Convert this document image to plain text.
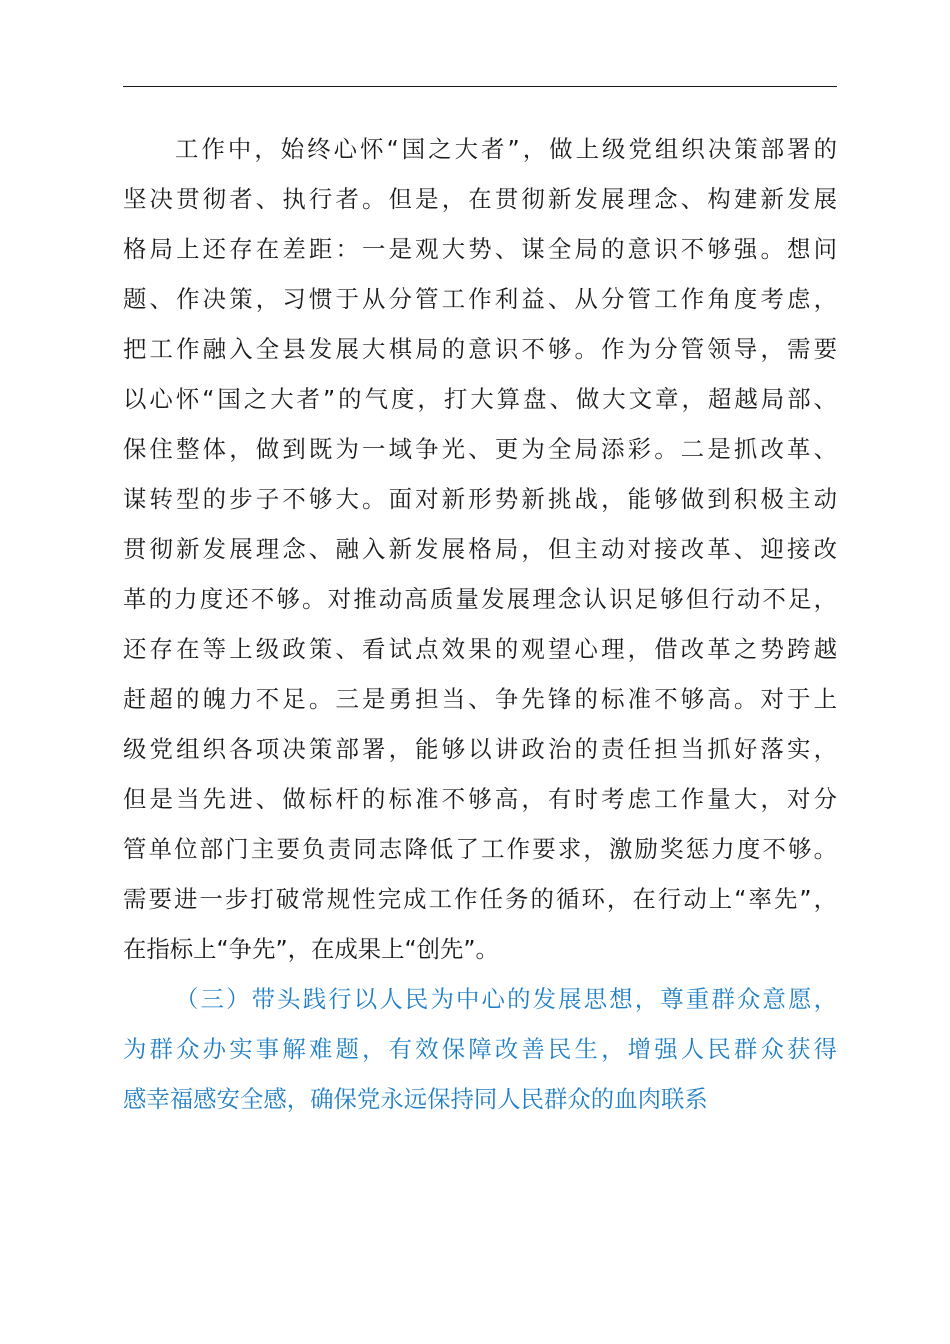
工作中，始终心怀“国之大者”，做上级党组织决策部署的
坚决贯彻者、执行者。但是，在贯彻新发展理念、构建新发展
格局上还存在差距：一是观大势、谋全局的意识不够强。想问
题、作决策，习惯于从分管工作利益、从分管工作角度考虑，
把工作融入全县发展大棋局的意识不够。作为分管领导，需要
以心怀“国之大者”的气度，打大算盘、做大文章，超越局部、
保住整体，做到既为一域争光、更为全局添彩。二是抓改革、
谋转型的步子不够大。面对新形势新挑战，能够做到积极主动
贯彻新发展理念、融入新发展格局，但主动对接改革、迎接改
革的力度还不够。对推动高质量发展理念认识足够但行动不足，
还存在等上级政策、看试点效果的观望心理，借改革之势跨越
赶超的魄力不足。三是勇担当、争先锋的标准不够高。对于上
级党组织各项决策部署，能够以讲政治的责任担当抓好落实，
但是当先进、做标杆的标准不够高，有时考虑工作量大，对分
管单位部门主要负责同志降低了工作要求，激励奖惩力度不够。
需要进一步打破常规性完成工作任务的循环，在行动上“率先”，
在指标上“争先”，在成果上“创先”。
（三）带头践行以人民为中心的发展思想，尊重群众意愿，
为群众办实事解难题，有效保障改善民生，增强人民群众获得
感幸福感安全感，确保党永远保持同人民群众的血肉联系
